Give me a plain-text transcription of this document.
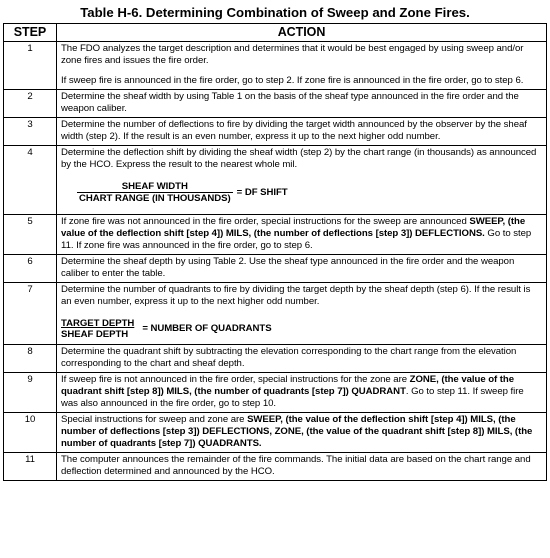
Table H-6. Determining Combination of Sweep and Zone Fires.
STEP	ACTION
1	The FDO analyzes the target description and determines that it would be best engaged by using sweep and/or zone fires and issues the fire order.
If sweep fire is announced in the fire order, go to step 2. If zone fire is announced in the fire order, go to step 6.

2	Determine the sheaf width by using Table 1 on the basis of the sheaf type announced in the fire order and the weapon caliber.
3	Determine the number of deflections to fire by dividing the target width announced by the observer by the sheaf width (step 2). If the result is an even number, express it up to the next higher odd number.
4	Determine the deflection shift by dividing the sheaf width (step 2) by the chart range (in thousands) as announced by the HCO. Express the result to the nearest whole mil.
$\frac{\text{SHEAF WIDTH}}{\text{CHART RANGE (IN THOUSANDS)}}$ = DF SHIFT

5	If zone fire was not announced in the fire order, special instructions for the sweep are announced SWEEP, (the value of the deflection shift [step 4]) MILS, (the number of deflections [step 3]) DEFLECTIONS. Go to step 11. If zone fire was announced in the fire order, go to step 6.
6	Determine the sheaf depth by using Table 2. Use the sheaf type announced in the fire order and the weapon caliber to enter the table.
7	Determine the number of quadrants to fire by dividing the target depth by the sheaf depth (step 6). If the result is an even number, express it up to the next higher odd number.
$\frac{\text{TARGET DEPTH}}{\text{SHEAF DEPTH}}$ = NUMBER OF QUADRANTS

8	Determine the quadrant shift by subtracting the elevation corresponding to the chart range from the elevation corresponding to the chart and sheaf depth.
9	If sweep fire is not announced in the fire order, special instructions for the zone are ZONE, (the value of the quadrant shift [step 8]) MILS, (the number of quadrants [step 7]) QUADRANT. Go to step 11. If sweep fire was also announced in the fire order, go to step 10.
10	Special instructions for sweep and zone are SWEEP, (the value of the deflection shift [step 4]) MILS, (the number of deflections [step 3]) DEFLECTIONS, ZONE, (the value of the quadrant shift [step 8]) MILS, (the number of quadrants [step 7]) QUADRANTS.
11	The computer announces the remainder of the fire commands. The initial data are based on the chart range and deflection determined and announced by the HCO.
